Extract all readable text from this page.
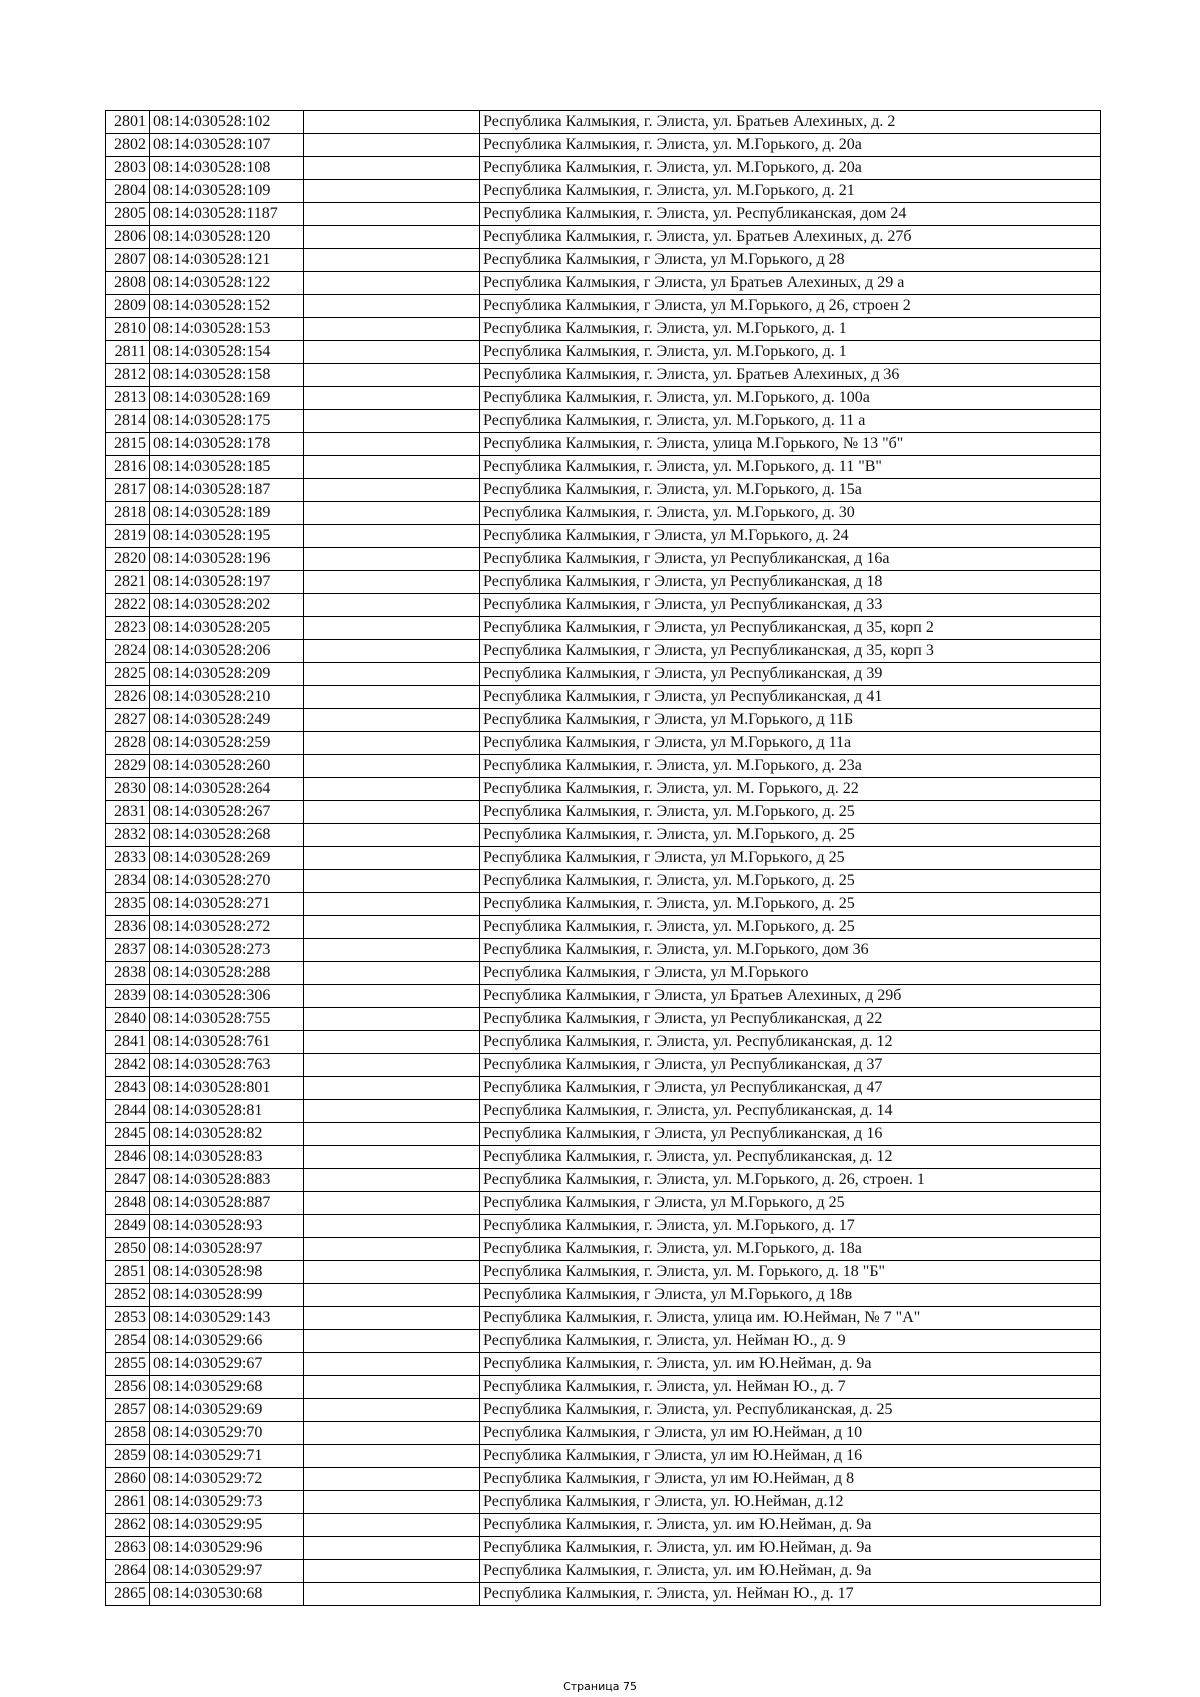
2801	08:14:030528:102		Республика Калмыкия, г. Элиста, ул. Братьев Алехиных, д. 2
2802	08:14:030528:107		Республика Калмыкия, г. Элиста, ул. М.Горького, д. 20а
2803	08:14:030528:108		Республика Калмыкия, г. Элиста, ул. М.Горького, д. 20а
2804	08:14:030528:109		Республика Калмыкия, г. Элиста, ул. М.Горького, д. 21
2805	08:14:030528:1187		Республика Калмыкия, г. Элиста, ул. Республиканская, дом 24
2806	08:14:030528:120		Республика Калмыкия, г. Элиста, ул. Братьев Алехиных, д. 27б
2807	08:14:030528:121		Республика Калмыкия, г Элиста, ул М.Горького, д 28
2808	08:14:030528:122		Республика Калмыкия, г Элиста, ул Братьев Алехиных, д 29 а
2809	08:14:030528:152		Республика Калмыкия, г Элиста, ул М.Горького, д 26, строен 2
2810	08:14:030528:153		Республика Калмыкия, г. Элиста, ул. М.Горького, д. 1
2811	08:14:030528:154		Республика Калмыкия, г. Элиста, ул. М.Горького, д. 1
2812	08:14:030528:158		Республика Калмыкия, г. Элиста, ул. Братьев Алехиных, д 36
2813	08:14:030528:169		Республика Калмыкия, г. Элиста, ул. М.Горького, д. 100а
2814	08:14:030528:175		Республика Калмыкия, г. Элиста, ул. М.Горького, д. 11 а
2815	08:14:030528:178		Республика Калмыкия, г. Элиста, улица М.Горького, № 13 "б"
2816	08:14:030528:185		Республика Калмыкия, г. Элиста, ул. М.Горького, д. 11 "В"
2817	08:14:030528:187		Республика Калмыкия, г. Элиста, ул. М.Горького, д. 15а
2818	08:14:030528:189		Республика Калмыкия, г. Элиста, ул. М.Горького, д. 30
2819	08:14:030528:195		Республика Калмыкия, г Элиста, ул М.Горького, д. 24
2820	08:14:030528:196		Республика Калмыкия, г Элиста, ул Республиканская, д 16а
2821	08:14:030528:197		Республика Калмыкия, г Элиста, ул Республиканская, д 18
2822	08:14:030528:202		Республика Калмыкия, г Элиста, ул Республиканская, д 33
2823	08:14:030528:205		Республика Калмыкия, г Элиста, ул Республиканская, д 35, корп 2
2824	08:14:030528:206		Республика Калмыкия, г Элиста, ул Республиканская, д 35, корп 3
2825	08:14:030528:209		Республика Калмыкия, г Элиста, ул Республиканская, д 39
2826	08:14:030528:210		Республика Калмыкия, г Элиста, ул Республиканская, д 41
2827	08:14:030528:249		Республика Калмыкия, г Элиста, ул М.Горького, д 11Б
2828	08:14:030528:259		Республика Калмыкия, г Элиста, ул М.Горького, д 11а
2829	08:14:030528:260		Республика Калмыкия, г. Элиста, ул. М.Горького, д. 23а
2830	08:14:030528:264		Республика Калмыкия, г. Элиста, ул. М. Горького, д. 22
2831	08:14:030528:267		Республика Калмыкия, г. Элиста, ул. М.Горького, д. 25
2832	08:14:030528:268		Республика Калмыкия, г. Элиста, ул. М.Горького, д. 25
2833	08:14:030528:269		Республика Калмыкия, г Элиста, ул М.Горького, д 25
2834	08:14:030528:270		Республика Калмыкия, г. Элиста, ул. М.Горького, д. 25
2835	08:14:030528:271		Республика Калмыкия, г. Элиста, ул. М.Горького, д. 25
2836	08:14:030528:272		Республика Калмыкия, г. Элиста, ул. М.Горького, д. 25
2837	08:14:030528:273		Республика Калмыкия, г. Элиста, ул. М.Горького, дом 36
2838	08:14:030528:288		Республика Калмыкия, г Элиста, ул М.Горького
2839	08:14:030528:306		Республика Калмыкия, г Элиста, ул Братьев Алехиных, д 29б
2840	08:14:030528:755		Республика Калмыкия, г Элиста, ул Республиканская, д 22
2841	08:14:030528:761		Республика Калмыкия, г. Элиста, ул. Республиканская, д. 12
2842	08:14:030528:763		Республика Калмыкия, г Элиста, ул Республиканская, д 37
2843	08:14:030528:801		Республика Калмыкия, г Элиста, ул Республиканская, д 47
2844	08:14:030528:81		Республика Калмыкия, г. Элиста, ул. Республиканская, д. 14
2845	08:14:030528:82		Республика Калмыкия, г Элиста, ул Республиканская, д 16
2846	08:14:030528:83		Республика Калмыкия, г. Элиста, ул. Республиканская, д. 12
2847	08:14:030528:883		Республика Калмыкия, г. Элиста, ул. М.Горького, д. 26, строен. 1
2848	08:14:030528:887		Республика Калмыкия, г Элиста, ул М.Горького, д 25
2849	08:14:030528:93		Республика Калмыкия, г. Элиста, ул. М.Горького, д. 17
2850	08:14:030528:97		Республика Калмыкия, г. Элиста, ул. М.Горького, д. 18а
2851	08:14:030528:98		Республика Калмыкия, г. Элиста, ул. М. Горького, д. 18 "Б"
2852	08:14:030528:99		Республика Калмыкия, г Элиста, ул М.Горького, д 18в
2853	08:14:030529:143		Республика Калмыкия, г. Элиста, улица им. Ю.Нейман, № 7 "А"
2854	08:14:030529:66		Республика Калмыкия, г. Элиста, ул. Нейман Ю., д. 9
2855	08:14:030529:67		Республика Калмыкия, г. Элиста, ул. им Ю.Нейман, д. 9а
2856	08:14:030529:68		Республика Калмыкия, г. Элиста, ул. Нейман Ю., д. 7
2857	08:14:030529:69		Республика Калмыкия, г. Элиста, ул. Республиканская, д. 25
2858	08:14:030529:70		Республика Калмыкия, г Элиста, ул им Ю.Нейман, д 10
2859	08:14:030529:71		Республика Калмыкия, г Элиста, ул им Ю.Нейман, д 16
2860	08:14:030529:72		Республика Калмыкия, г Элиста, ул им Ю.Нейман, д 8
2861	08:14:030529:73		Республика Калмыкия, г Элиста, ул. Ю.Нейман, д.12
2862	08:14:030529:95		Республика Калмыкия, г. Элиста, ул. им Ю.Нейман, д. 9а
2863	08:14:030529:96		Республика Калмыкия, г. Элиста, ул. им Ю.Нейман, д. 9а
2864	08:14:030529:97		Республика Калмыкия, г. Элиста, ул. им Ю.Нейман, д. 9а
2865	08:14:030530:68		Республика Калмыкия, г. Элиста, ул. Нейман Ю., д. 17
Страница 75
